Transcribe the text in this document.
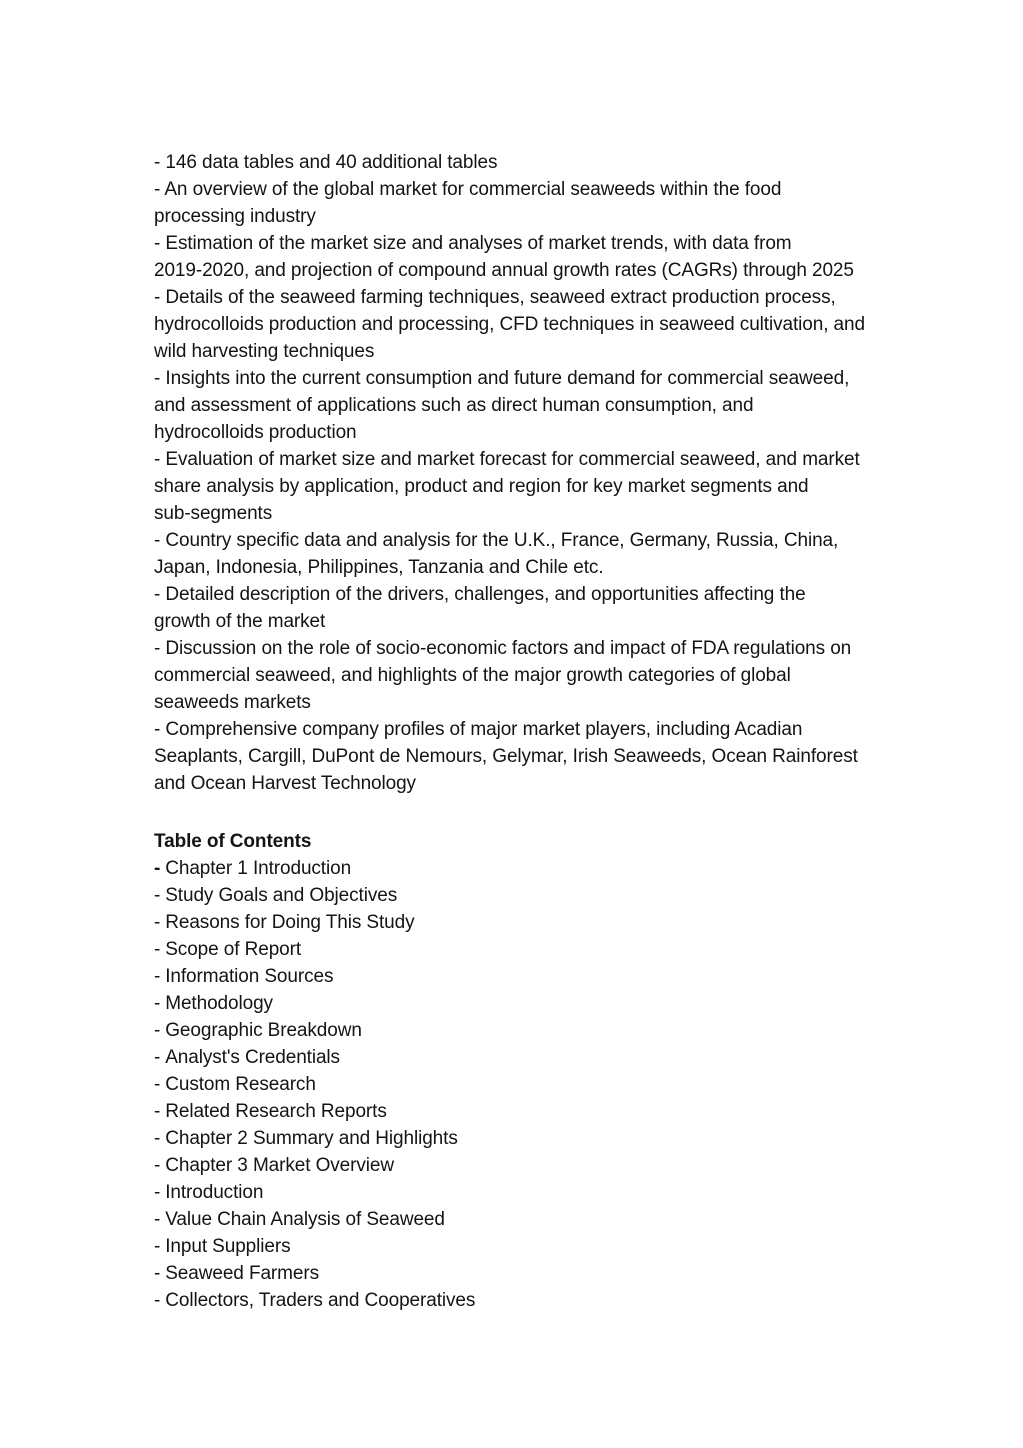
- 146 data tables and 40 additional tables
- An overview of the global market for commercial seaweeds within the food
processing industry
- Estimation of the market size and analyses of market trends, with data from
2019-2020, and projection of compound annual growth rates (CAGRs) through 2025
- Details of the seaweed farming techniques, seaweed extract production process,
hydrocolloids production and processing, CFD techniques in seaweed cultivation, and
wild harvesting techniques
- Insights into the current consumption and future demand for commercial seaweed,
and assessment of applications such as direct human consumption, and
hydrocolloids production
- Evaluation of market size and market forecast for commercial seaweed, and market
share analysis by application, product and region for key market segments and
sub-segments
- Country specific data and analysis for the U.K., France, Germany, Russia, China,
Japan, Indonesia, Philippines, Tanzania and Chile etc.
- Detailed description of the drivers, challenges, and opportunities affecting the
growth of the market
- Discussion on the role of socio-economic factors and impact of FDA regulations on
commercial seaweed, and highlights of the major growth categories of global
seaweeds markets
- Comprehensive company profiles of major market players, including Acadian
Seaplants, Cargill, DuPont de Nemours, Gelymar, Irish Seaweeds, Ocean Rainforest
and Ocean Harvest Technology
Table of Contents
- Chapter 1 Introduction
- Study Goals and Objectives
- Reasons for Doing This Study
- Scope of Report
- Information Sources
- Methodology
- Geographic Breakdown
- Analyst's Credentials
- Custom Research
- Related Research Reports
- Chapter 2 Summary and Highlights
- Chapter 3 Market Overview
- Introduction
- Value Chain Analysis of Seaweed
- Input Suppliers
- Seaweed Farmers
- Collectors, Traders and Cooperatives
